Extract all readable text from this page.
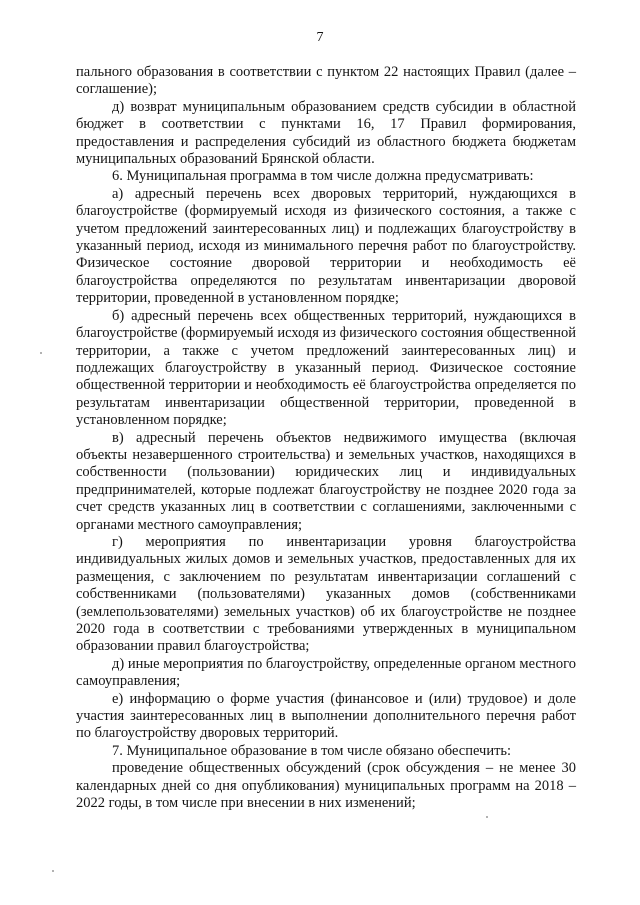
7

пального образования в соответствии с пунктом 22 настоящих Правил (далее – соглашение);

д) возврат муниципальным образованием средств субсидии в областной бюджет в соответствии с пунктами 16, 17 Правил формирования, предоставления и распределения субсидий из областного бюджета бюджетам муниципальных образований Брянской области.

6. Муниципальная программа в том числе должна предусматривать:

а) адресный перечень всех дворовых территорий, нуждающихся в благоустройстве (формируемый исходя из физического состояния, а также с учетом предложений заинтересованных лиц) и подлежащих благоустройству в указанный период, исходя из минимального перечня работ по благоустройству. Физическое состояние дворовой территории и необходимость её благоустройства определяются по результатам инвентаризации дворовой территории, проведенной в установленном порядке;

б) адресный перечень всех общественных территорий, нуждающихся в благоустройстве (формируемый исходя из физического состояния общественной территории, а также с учетом предложений заинтересованных лиц) и подлежащих благоустройству в указанный период. Физическое состояние общественной территории и необходимость её благоустройства определяется по результатам инвентаризации общественной территории, проведенной в установленном порядке;

в) адресный перечень объектов недвижимого имущества (включая объекты незавершенного строительства) и земельных участков, находящихся в собственности (пользовании) юридических лиц и индивидуальных предпринимателей, которые подлежат благоустройству не позднее 2020 года за счет средств указанных лиц в соответствии с соглашениями, заключенными с органами местного самоуправления;

г) мероприятия по инвентаризации уровня благоустройства индивидуальных жилых домов и земельных участков, предоставленных для их размещения, с заключением по результатам инвентаризации соглашений с собственниками (пользователями) указанных домов (собственниками (землепользователями) земельных участков) об их благоустройстве не позднее 2020 года в соответствии с требованиями утвержденных в муниципальном образовании правил благоустройства;

д) иные мероприятия по благоустройству, определенные органом местного самоуправления;

е) информацию о форме участия (финансовое и (или) трудовое) и доле участия заинтересованных лиц в выполнении дополнительного перечня работ по благоустройству дворовых территорий.

7. Муниципальное образование в том числе обязано обеспечить:

проведение общественных обсуждений (срок обсуждения – не менее 30 календарных дней со дня опубликования) муниципальных программ на 2018 – 2022 годы, в том числе при внесении в них изменений;
